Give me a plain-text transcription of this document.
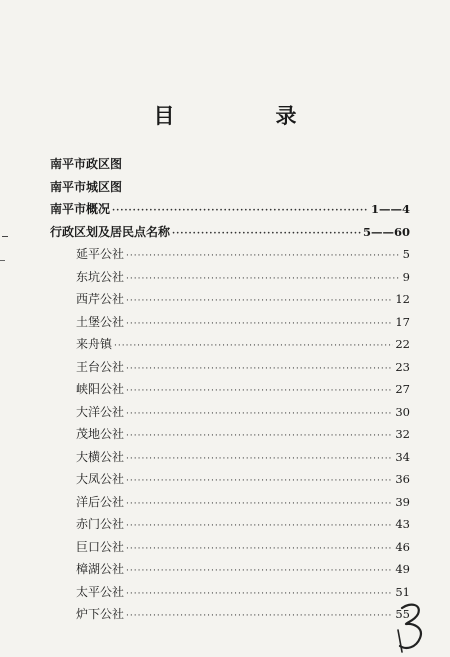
目　录
南平市政区图
南平市城区图
南平市概况 ·····	1——4
行政区划及居民点名称 ·····	5——60
延平公社 ·····	5
东坑公社 ·····	9
西芹公社 ·····	12
土堡公社 ·····	17
来舟镇 ·····	22
王台公社 ·····	23
峡阳公社 ·····	27
大洋公社 ·····	30
茂地公社 ·····	32
大横公社 ·····	34
大凤公社 ·····	36
洋后公社 ·····	39
赤门公社 ·····	43
巨口公社 ·····	46
樟湖公社 ·····	49
太平公社 ·····	51
炉下公社 ·····	55
